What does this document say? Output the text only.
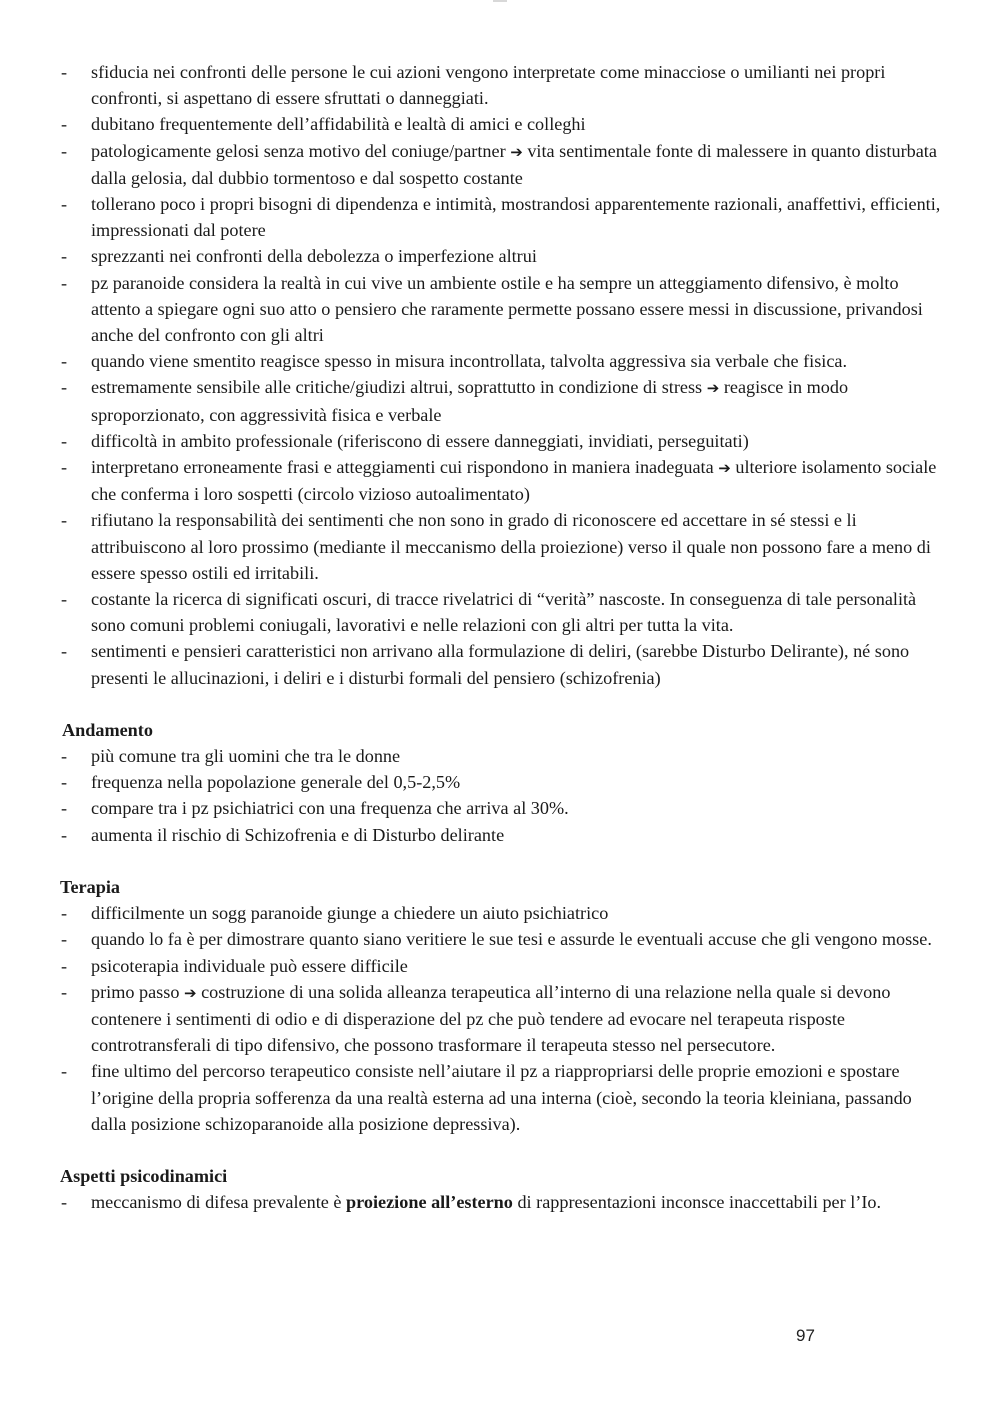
- sfiducia nei confronti delle persone le cui azioni vengono interpretate come minacciose o umilianti nei propri confronti, si aspettano di essere sfruttati o danneggiati.
- dubitano frequentemente dell’affidabilità e lealtà di amici e colleghi
- patologicamente gelosi senza motivo del coniuge/partner ➔ vita sentimentale fonte di malessere in quanto disturbata dalla gelosia, dal dubbio tormentoso e dal sospetto costante
- tollerano poco i propri bisogni di dipendenza e intimità, mostrandosi apparentemente razionali, anaffettivi, efficienti, impressionati dal potere
- sprezzanti nei confronti della debolezza o imperfezione altrui
- pz paranoide considera la realtà in cui vive un ambiente ostile e ha sempre un atteggiamento difensivo, è molto attento a spiegare ogni suo atto o pensiero che raramente permette possano essere messi in discussione, privandosi anche del confronto con gli altri
- quando viene smentito reagisce spesso in misura incontrollata, talvolta aggressiva sia verbale che fisica.
- estremamente sensibile alle critiche/giudizi altrui, soprattutto in condizione di stress ➔ reagisce in modo sproporzionato, con aggressività fisica e verbale
- difficoltà in ambito professionale (riferiscono di essere danneggiati, invidiati, perseguitati)
- interpretano erroneamente frasi e atteggiamenti cui rispondono in maniera inadeguata ➔ ulteriore isolamento sociale che conferma i loro sospetti (circolo vizioso autoalimentato)
- rifiutano la responsabilità dei sentimenti che non sono in grado di riconoscere ed accettare in sé stessi e li attribuiscono al loro prossimo (mediante il meccanismo della proiezione) verso il quale non possono fare a meno di essere spesso ostili ed irritabili.
- costante la ricerca di significati oscuri, di tracce rivelatrici di “verità” nascoste. In conseguenza di tale personalità sono comuni problemi coniugali, lavorativi e nelle relazioni con gli altri per tutta la vita.
- sentimenti e pensieri caratteristici non arrivano alla formulazione di deliri, (sarebbe Disturbo Delirante), né sono presenti le allucinazioni, i deliri e i disturbi formali del pensiero (schizofrenia)

Andamento

- più comune tra gli uomini che tra le donne
- frequenza nella popolazione generale del 0,5-2,5%
- compare tra i pz psichiatrici con una frequenza che arriva al 30%.
- aumenta il rischio di Schizofrenia e di Disturbo delirante

Terapia

- difficilmente un sogg paranoide giunge a chiedere un aiuto psichiatrico
- quando lo fa è per dimostrare quanto siano veritiere le sue tesi e assurde le eventuali accuse che gli vengono mosse.
- psicoterapia individuale può essere difficile
- primo passo ➔ costruzione di una solida alleanza terapeutica all’interno di una relazione nella quale si devono contenere i sentimenti di odio e di disperazione del pz che può tendere ad evocare nel terapeuta risposte controtransferali di tipo difensivo, che possono trasformare il terapeuta stesso nel persecutore.
- fine ultimo del percorso terapeutico consiste nell’aiutare il pz a riappropriarsi delle proprie emozioni e spostare l’origine della propria sofferenza da una realtà esterna ad una interna (cioè, secondo la teoria kleiniana, passando dalla posizione schizoparanoide alla posizione depressiva).

Aspetti psicodinamici

- meccanismo di difesa prevalente è proiezione all’esterno di rappresentazioni inconsce inaccettabili per l’Io.
97
